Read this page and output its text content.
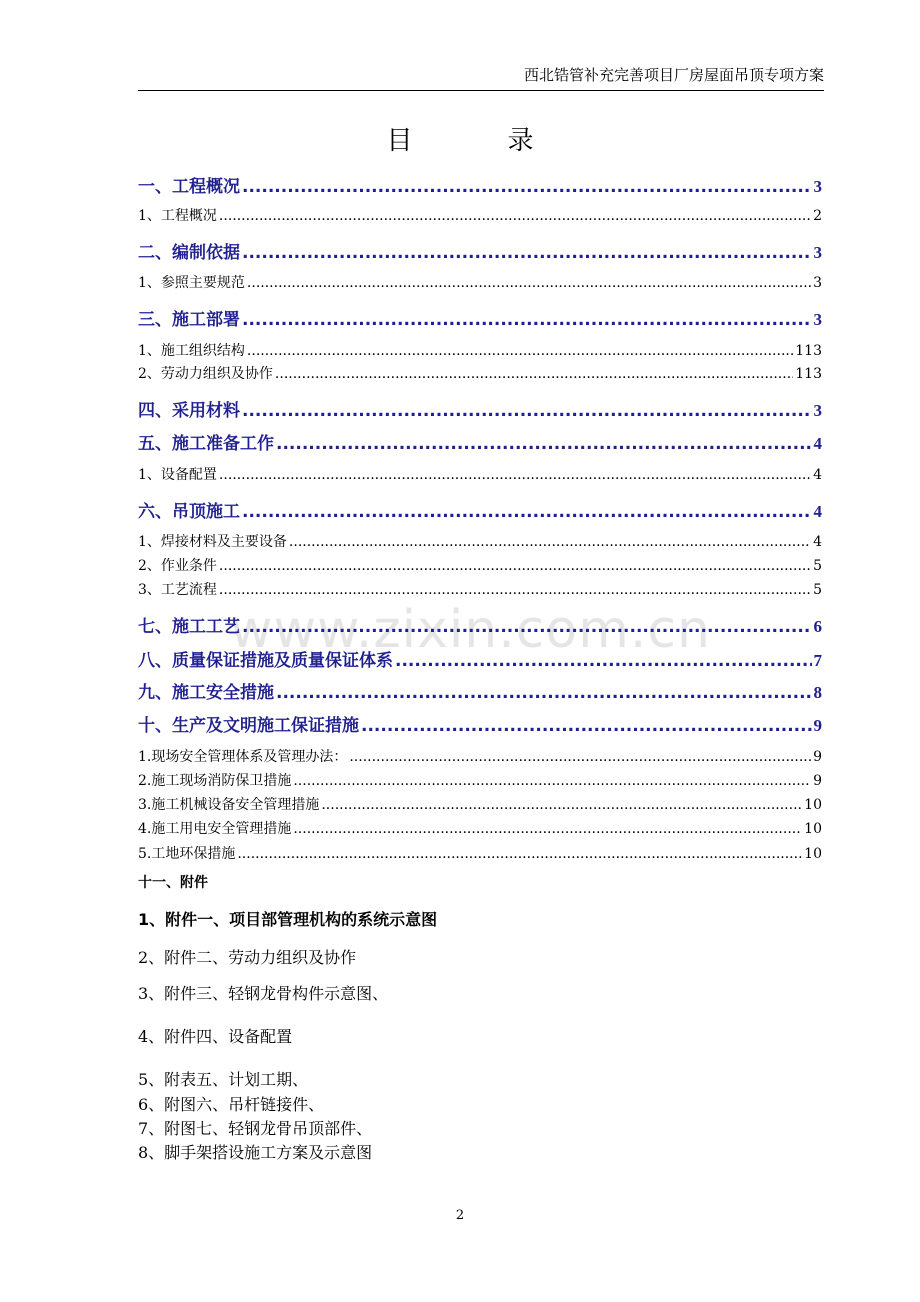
西北锆管补充完善项目厂房屋面吊顶专项方案
目	录
www.zixin.com.cn
一、工程概况 .....	3
1、工程概况 .....	2
二、编制依据 .....	3
1、参照主要规范 .....	3
三、施工部署 .....	3
1、施工组织结构 .....	113
2、劳动力组织及协作 .....	113
四、采用材料 .....	3
五、施工准备工作 .....	4
1、设备配置 .....	4
六、吊顶施工 .....	4
1、焊接材料及主要设备 .....	4
2、作业条件 .....	5
3、工艺流程 .....	5
七、施工工艺 .....	6
八、质量保证措施及质量保证体系 .....	7
九、施工安全措施 .....	8
十、生产及文明施工保证措施 .....	9
1.现场安全管理体系及管理办法： .....	9
2.施工现场消防保卫措施 .....	9
3.施工机械设备安全管理措施 .....	10
4.施工用电安全管理措施 .....	10
5.工地环保措施 .....	10
十一、附件
1、附件一、项目部管理机构的系统示意图
2、附件二、劳动力组织及协作
3、附件三、轻钢龙骨构件示意图、
4、附件四、设备配置
5、附表五、计划工期、
6、附图六、吊杆链接件、
7、附图七、轻钢龙骨吊顶部件、
8、脚手架搭设施工方案及示意图
2
